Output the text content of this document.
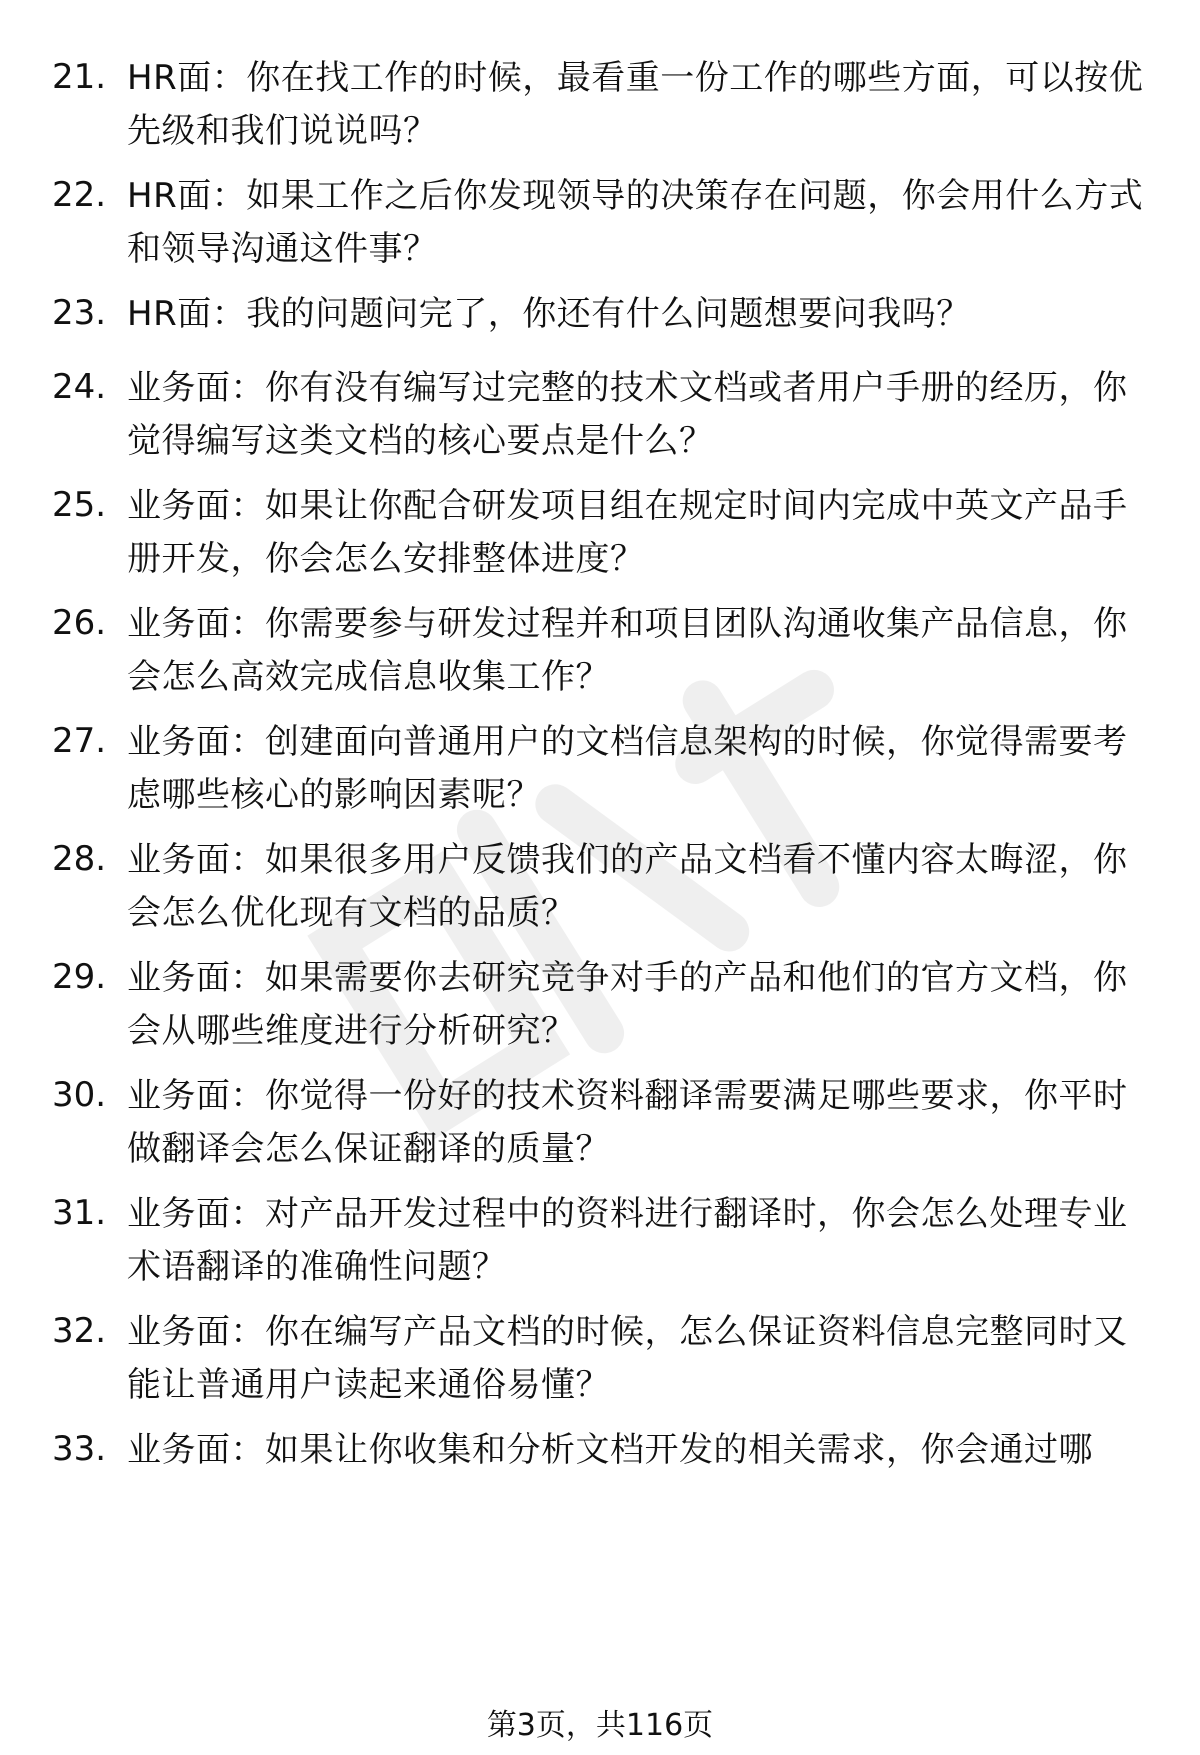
21. HR面：你在找工作的时候，最看重一份工作的哪些方面，可以按优先级和我们说说吗？
22. HR面：如果工作之后你发现领导的决策存在问题，你会用什么方式和领导沟通这件事？
23. HR面：我的问题问完了，你还有什么问题想要问我吗？
24. 业务面：你有没有编写过完整的技术文档或者用户手册的经历，你觉得编写这类文档的核心要点是什么？
25. 业务面：如果让你配合研发项目组在规定时间内完成中英文产品手册开发，你会怎么安排整体进度？
26. 业务面：你需要参与研发过程并和项目团队沟通收集产品信息，你会怎么高效完成信息收集工作？
27. 业务面：创建面向普通用户的文档信息架构的时候，你觉得需要考虑哪些核心的影响因素呢？
28. 业务面：如果很多用户反馈我们的产品文档看不懂内容太晦涩，你会怎么优化现有文档的品质？
29. 业务面：如果需要你去研究竞争对手的产品和他们的官方文档，你会从哪些维度进行分析研究？
30. 业务面：你觉得一份好的技术资料翻译需要满足哪些要求，你平时做翻译会怎么保证翻译的质量？
31. 业务面：对产品开发过程中的资料进行翻译时，你会怎么处理专业术语翻译的准确性问题？
32. 业务面：你在编写产品文档的时候，怎么保证资料信息完整同时又能让普通用户读起来通俗易懂？
33. 业务面：如果让你收集和分析文档开发的相关需求，你会通过哪
第3页，共116页
